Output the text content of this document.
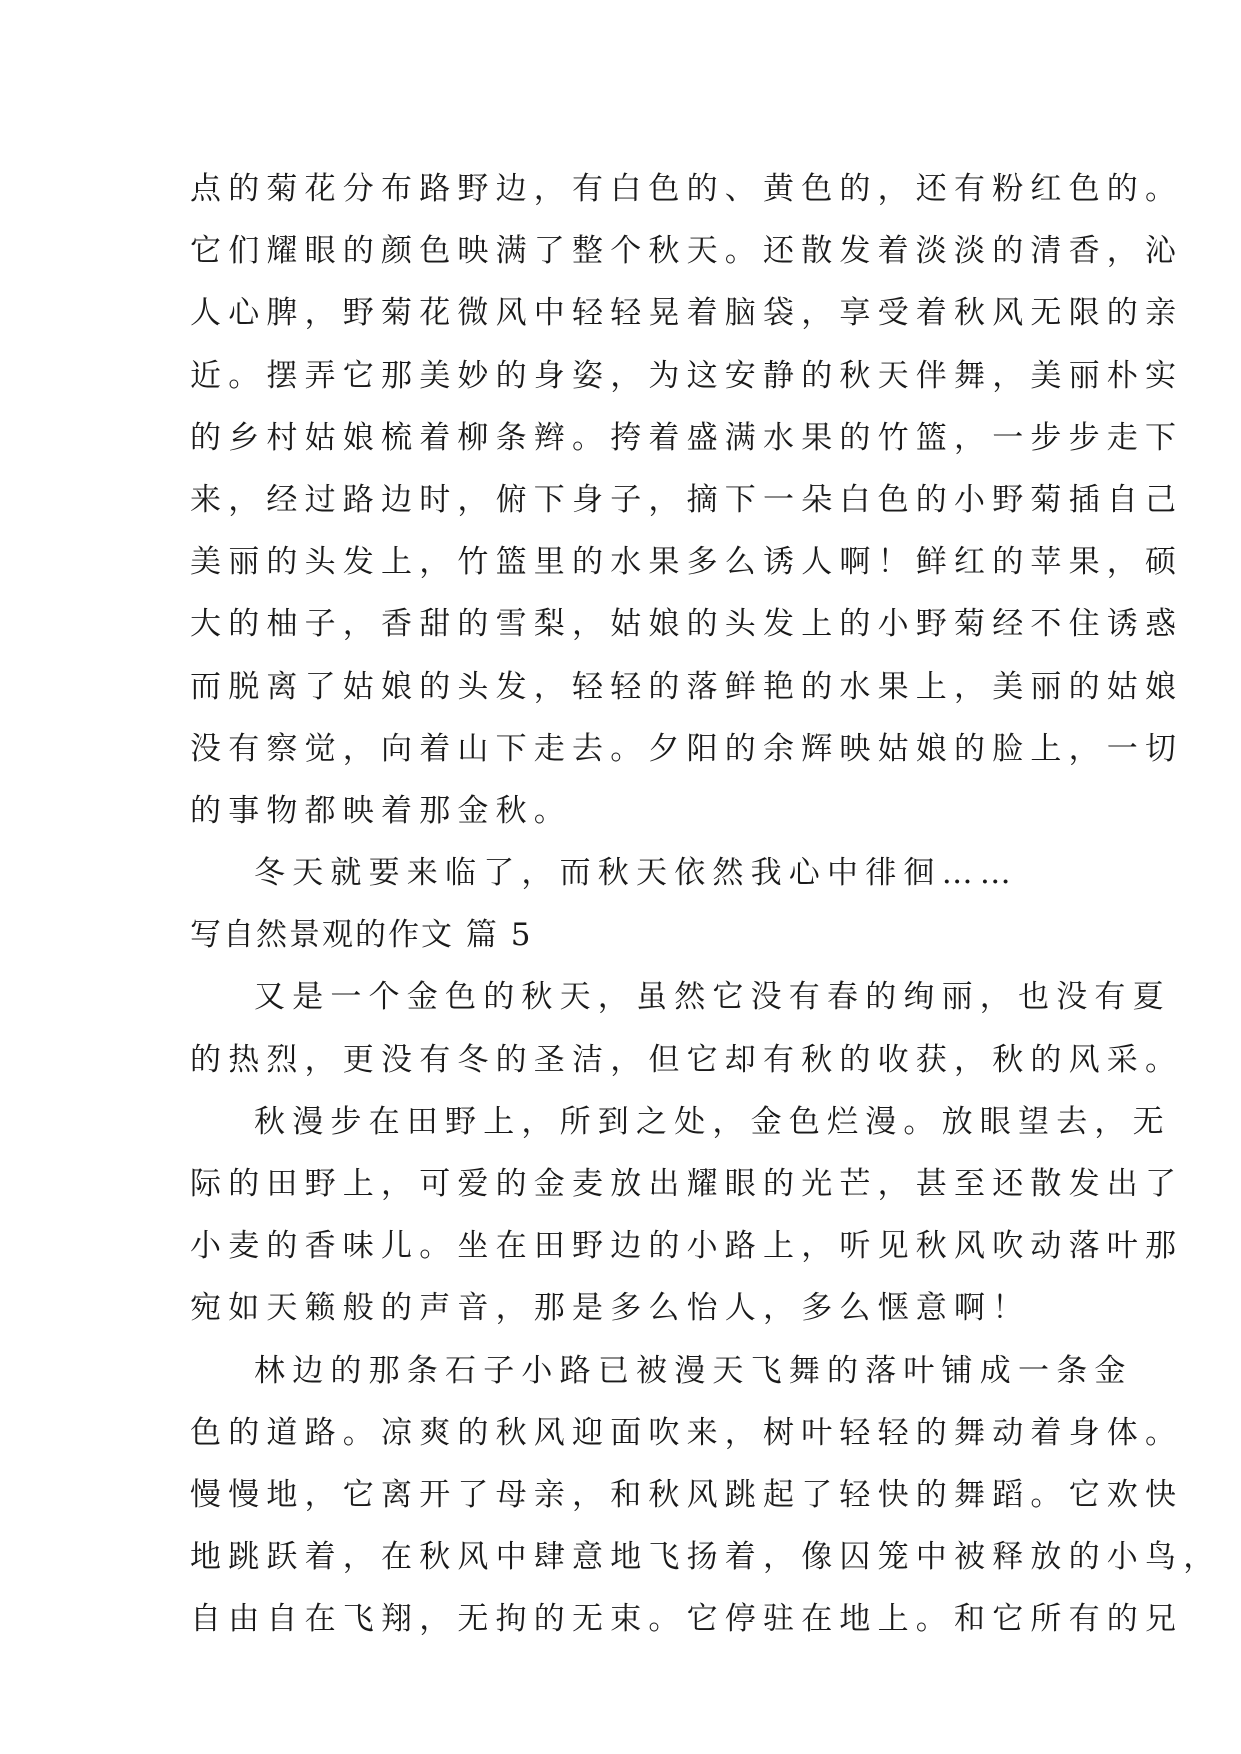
点的菊花分布路野边，有白色的、黄色的，还有粉红色的。
它们耀眼的颜色映满了整个秋天。还散发着淡淡的清香，沁
人心脾，野菊花微风中轻轻晃着脑袋，享受着秋风无限的亲
近。摆弄它那美妙的身姿，为这安静的秋天伴舞，美丽朴实
的乡村姑娘梳着柳条辫。挎着盛满水果的竹篮，一步步走下
来，经过路边时，俯下身子，摘下一朵白色的小野菊插自己
美丽的头发上，竹篮里的水果多么诱人啊！鲜红的苹果，硕
大的柚子，香甜的雪梨，姑娘的头发上的小野菊经不住诱惑
而脱离了姑娘的头发，轻轻的落鲜艳的水果上，美丽的姑娘
没有察觉，向着山下走去。夕阳的余辉映姑娘的脸上，一切
的事物都映着那金秋。
冬天就要来临了，而秋天依然我心中徘徊……
写自然景观的作文 篇 5
又是一个金色的秋天，虽然它没有春的绚丽，也没有夏
的热烈，更没有冬的圣洁，但它却有秋的收获，秋的风采。
秋漫步在田野上，所到之处，金色烂漫。放眼望去，无
际的田野上，可爱的金麦放出耀眼的光芒，甚至还散发出了
小麦的香味儿。坐在田野边的小路上，听见秋风吹动落叶那
宛如天籁般的声音，那是多么怡人，多么惬意啊！
林边的那条石子小路已被漫天飞舞的落叶铺成一条金
色的道路。凉爽的秋风迎面吹来，树叶轻轻的舞动着身体。
慢慢地，它离开了母亲，和秋风跳起了轻快的舞蹈。它欢快
地跳跃着，在秋风中肆意地飞扬着，像囚笼中被释放的小鸟，
自由自在飞翔，无拘的无束。它停驻在地上。和它所有的兄
